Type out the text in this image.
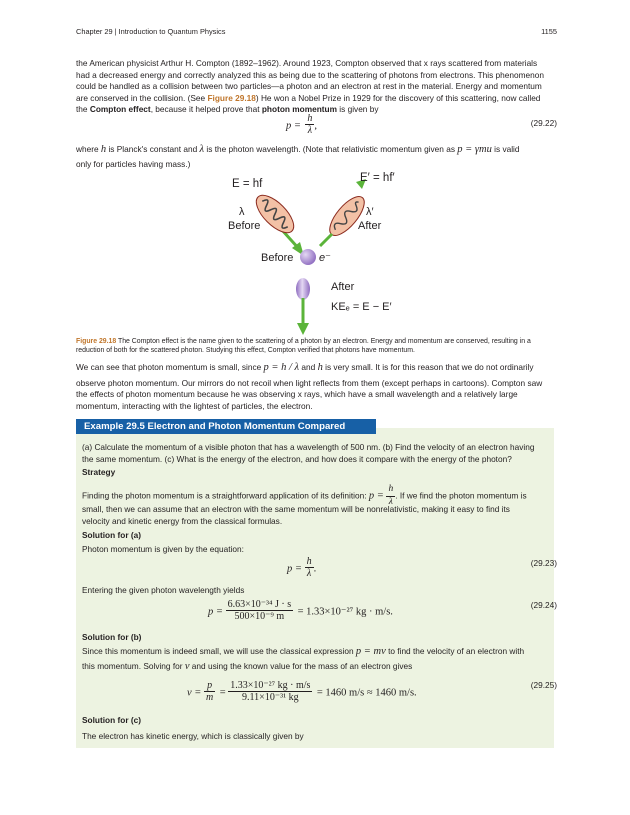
Chapter 29 | Introduction to Quantum Physics	1155
the American physicist Arthur H. Compton (1892–1962). Around 1923, Compton observed that x rays scattered from materials
had a decreased energy and correctly analyzed this as being due to the scattering of photons from electrons. This phenomenon
could be handled as a collision between two particles—a photon and an electron at rest in the material. Energy and momentum
are conserved in the collision. (See Figure 29.18) He won a Nobel Prize in 1929 for the discovery of this scattering, now called
the Compton effect, because it helped prove that photon momentum is given by
$p = \frac{h}{\lambda}$ ,	(29.22)
where h is Planck's constant and λ is the photon wavelength. (Note that relativistic momentum given as p = γmu is valid
only for particles having mass.)
E = hf	E′ = hf′
λ
Before
λ′
After
Before e⁻
After
KEₑ = E − E′
Figure 29.18 The Compton effect is the name given to the scattering of a photon by an electron. Energy and momentum are conserved, resulting in a
reduction of both for the scattered photon. Studying this effect, Compton verified that photons have momentum.
We can see that photon momentum is small, since p = h / λ and h is very small. It is for this reason that we do not ordinarily
observe photon momentum. Our mirrors do not recoil when light reflects from them (except perhaps in cartoons). Compton saw
the effects of photon momentum because he was observing x rays, which have a small wavelength and a relatively large
momentum, interacting with the lightest of particles, the electron.
Example 29.5 Electron and Photon Momentum Compared
(a) Calculate the momentum of a visible photon that has a wavelength of 500 nm. (b) Find the velocity of an electron having
the same momentum. (c) What is the energy of the electron, and how does it compare with the energy of the photon?
Strategy
Finding the photon momentum is a straightforward application of its definition: $p = \frac{h}{\lambda}$ . If we find the photon momentum is
small, then we can assume that an electron with the same momentum will be nonrelativistic, making it easy to find its
velocity and kinetic energy from the classical formulas.
Solution for (a)
Photon momentum is given by the equation:
$p = \frac{h}{\lambda}$ .
(29.23)
Entering the given photon wavelength yields
$p = \frac{\text{6.63×10⁻³⁴ J · s}}{\text{500×10⁻⁹ m}} = 1.33\times 10^{-27}$ kg · m/s.
(29.24)
Solution for (b)
Since this momentum is indeed small, we will use the classical expression p = mv to find the velocity of an electron with
this momentum. Solving for v and using the known value for the mass of an electron gives
$v = \frac{p}{m} = \frac{\text{1.33×10⁻²⁷ kg · m/s}}{\text{9.11×10⁻³¹ kg}} = 1460$ m/s ≈ 1460 m/s.
(29.25)
Solution for (c)
The electron has kinetic energy, which is classically given by
